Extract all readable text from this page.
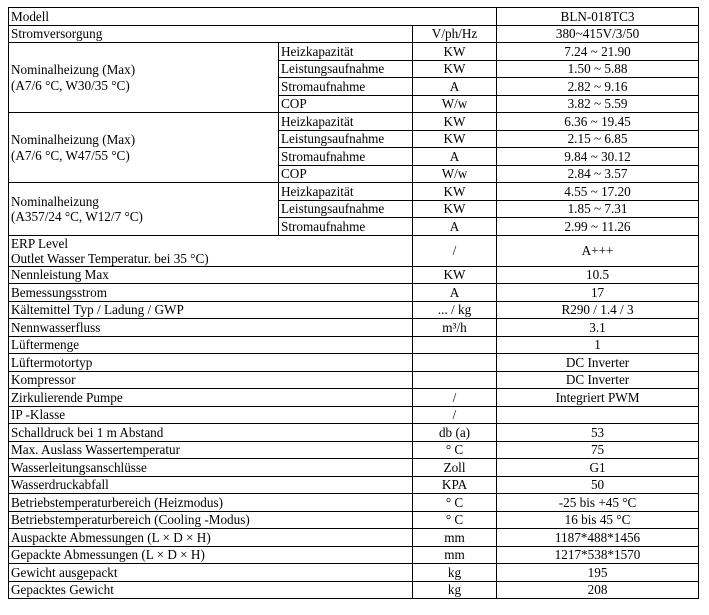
Modell			BLN-018TC3
Stromversorgung		V/ph/Hz	380~415V/3/50

Nominalheizung (Max)
(A7/6 °C, W30/35 °C)	Heizkapazität	KW	7.24 ~ 21.90
	Leistungsaufnahme	KW	1.50 ~ 5.88
	Stromaufnahme	A	2.82 ~ 9.16
	COP	W/w	3.82 ~ 5.59

Nominalheizung (Max)
(A7/6 °C, W47/55 °C)	Heizkapazität	KW	6.36 ~ 19.45
	Leistungsaufnahme	KW	2.15 ~ 6.85
	Stromaufnahme	A	9.84 ~ 30.12
	COP	W/w	2.84 ~ 3.57

Nominalheizung
(A357/24 °C, W12/7 °C)	Heizkapazität	KW	4.55 ~ 17.20
	Leistungsaufnahme	KW	1.85 ~ 7.31
	Stromaufnahme	A	2.99 ~ 11.26

ERP Level
Outlet Wasser Temperatur. bei 35 °C)		/	A+++
Nennleistung Max		KW	10.5
Bemessungsstrom		A	17
Kältemittel Typ / Ladung / GWP		... / kg	R290 / 1.4 / 3
Nennwasserfluss		m³/h	3.1
Lüftermenge			1
Lüftermotortyp			DC Inverter
Kompressor			DC Inverter
Zirkulierende Pumpe		/	Integriert PWM
IP -Klasse		/	
Schalldruck bei 1 m Abstand		db (a)	53
Max. Auslass Wassertemperatur		° C	75
Wasserleitungsanschlüsse		Zoll	G1
Wasserdruckabfall		KPA	50
Betriebstemperaturbereich (Heizmodus)		° C	-25 bis +45 °C
Betriebstemperaturbereich (Cooling -Modus)		° C	16 bis 45 °C
Auspackte Abmessungen (L × D × H)		mm	1187*488*1456
Gepackte Abmessungen (L × D × H)		mm	1217*538*1570
Gewicht ausgepackt		kg	195
Gepacktes Gewicht		kg	208
